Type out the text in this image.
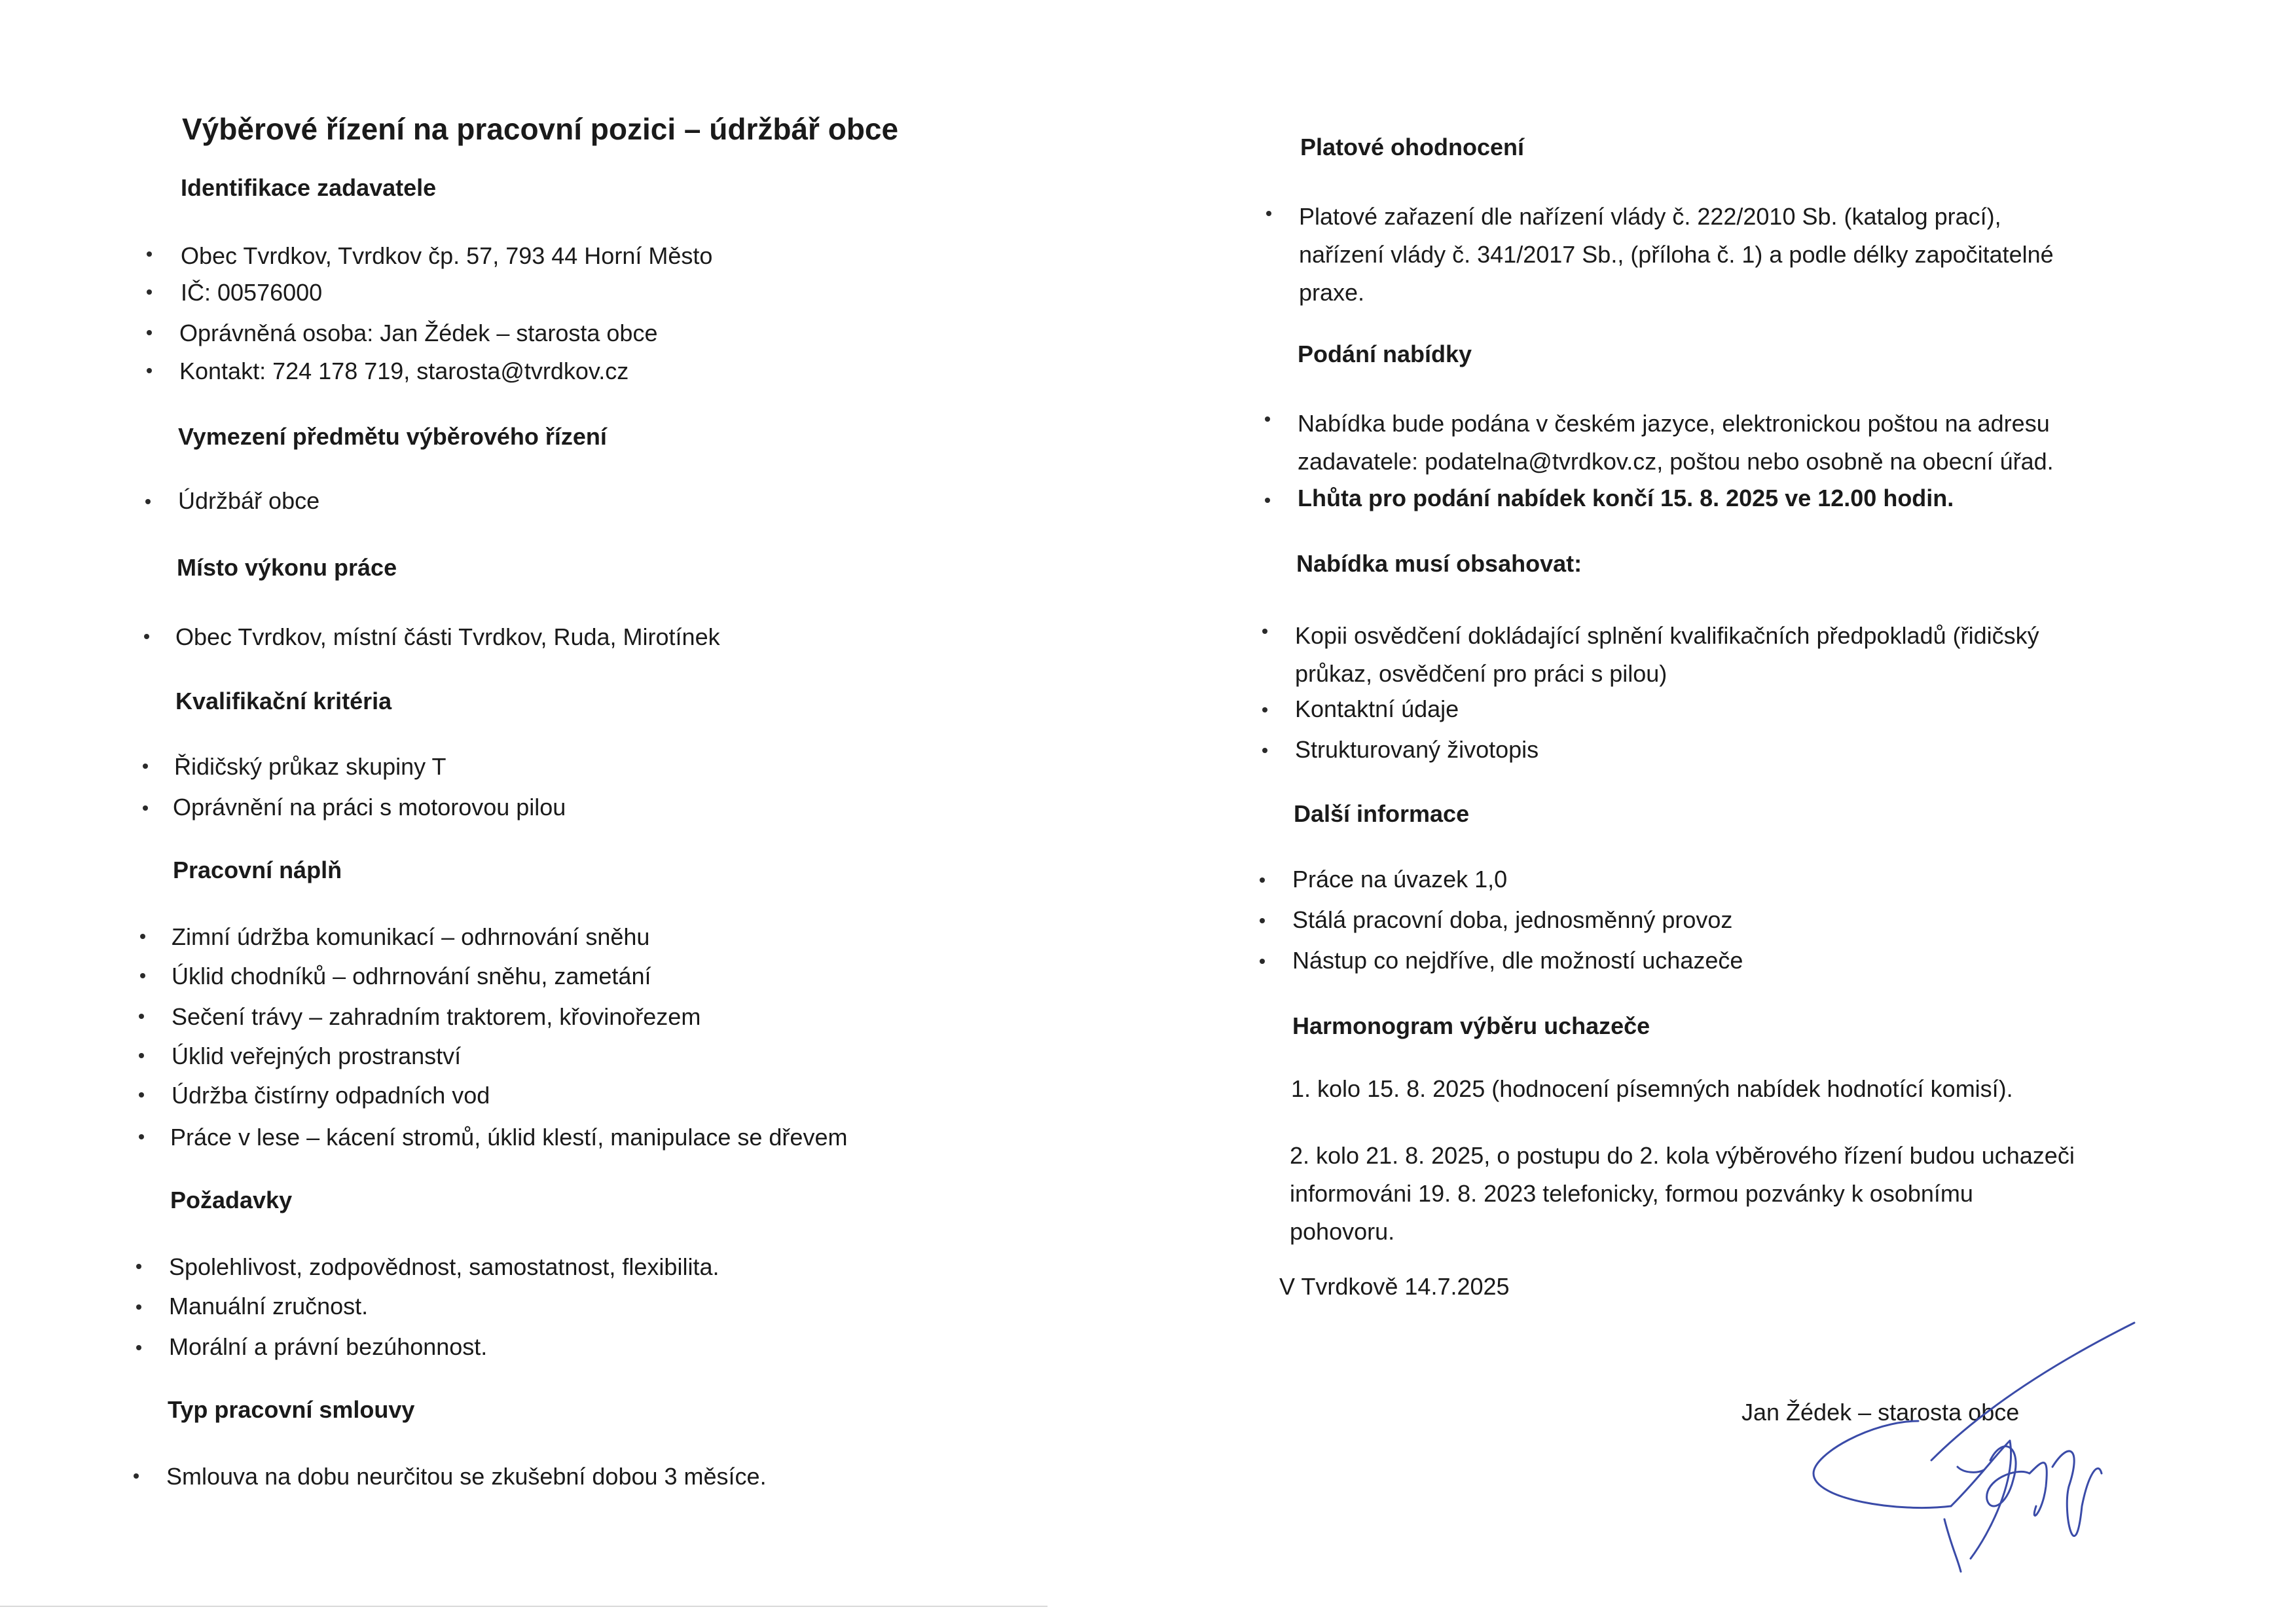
Výběrové řízení na pracovní pozici – údržbář obce
Identifikace zadavatele
Obec Tvrdkov, Tvrdkov čp. 57, 793 44 Horní Město
IČ: 00576000
Oprávněná osoba: Jan Žédek – starosta obce
Kontakt: 724 178 719, starosta@tvrdkov.cz
Vymezení předmětu výběrového řízení
Údržbář obce
Místo výkonu práce
Obec Tvrdkov, místní části Tvrdkov, Ruda, Mirotínek
Kvalifikační kritéria
Řidičský průkaz skupiny T
Oprávnění na práci s motorovou pilou
Pracovní náplň
Zimní údržba komunikací – odhrnování sněhu
Úklid chodníků – odhrnování sněhu, zametání
Sečení trávy – zahradním traktorem, křovinořezem
Úklid veřejných prostranství
Údržba čistírny odpadních vod
Práce v lese – kácení stromů, úklid klestí, manipulace se dřevem
Požadavky
Spolehlivost, zodpovědnost, samostatnost, flexibilita.
Manuální zručnost.
Morální a právní bezúhonnost.
Typ pracovní smlouvy
Smlouva na dobu neurčitou se zkušební dobou 3 měsíce.
Platové ohodnocení
Platové zařazení dle nařízení vlády č. 222/2010 Sb. (katalog prací),
nařízení vlády č. 341/2017 Sb., (příloha č. 1) a podle délky započitatelné
praxe.
Podání nabídky
Nabídka bude podána v českém jazyce, elektronickou poštou na adresu
zadavatele: podatelna@tvrdkov.cz, poštou nebo osobně na obecní úřad.
Lhůta pro podání nabídek končí 15. 8. 2025 ve 12.00 hodin.
Nabídka musí obsahovat:
Kopii osvědčení dokládající splnění kvalifikačních předpokladů (řidičský
průkaz, osvědčení pro práci s pilou)
Kontaktní údaje
Strukturovaný životopis
Další informace
Práce na úvazek 1,0
Stálá pracovní doba, jednosměnný provoz
Nástup co nejdříve, dle možností uchazeče
Harmonogram výběru uchazeče
1. kolo 15. 8. 2025 (hodnocení písemných nabídek hodnotící komisí).
2. kolo 21. 8. 2025, o postupu do 2. kola výběrového řízení budou uchazeči
informováni 19. 8. 2023 telefonicky, formou pozvánky k osobnímu
pohovoru.
V Tvrdkově 14.7.2025
Jan Žédek – starosta obce
